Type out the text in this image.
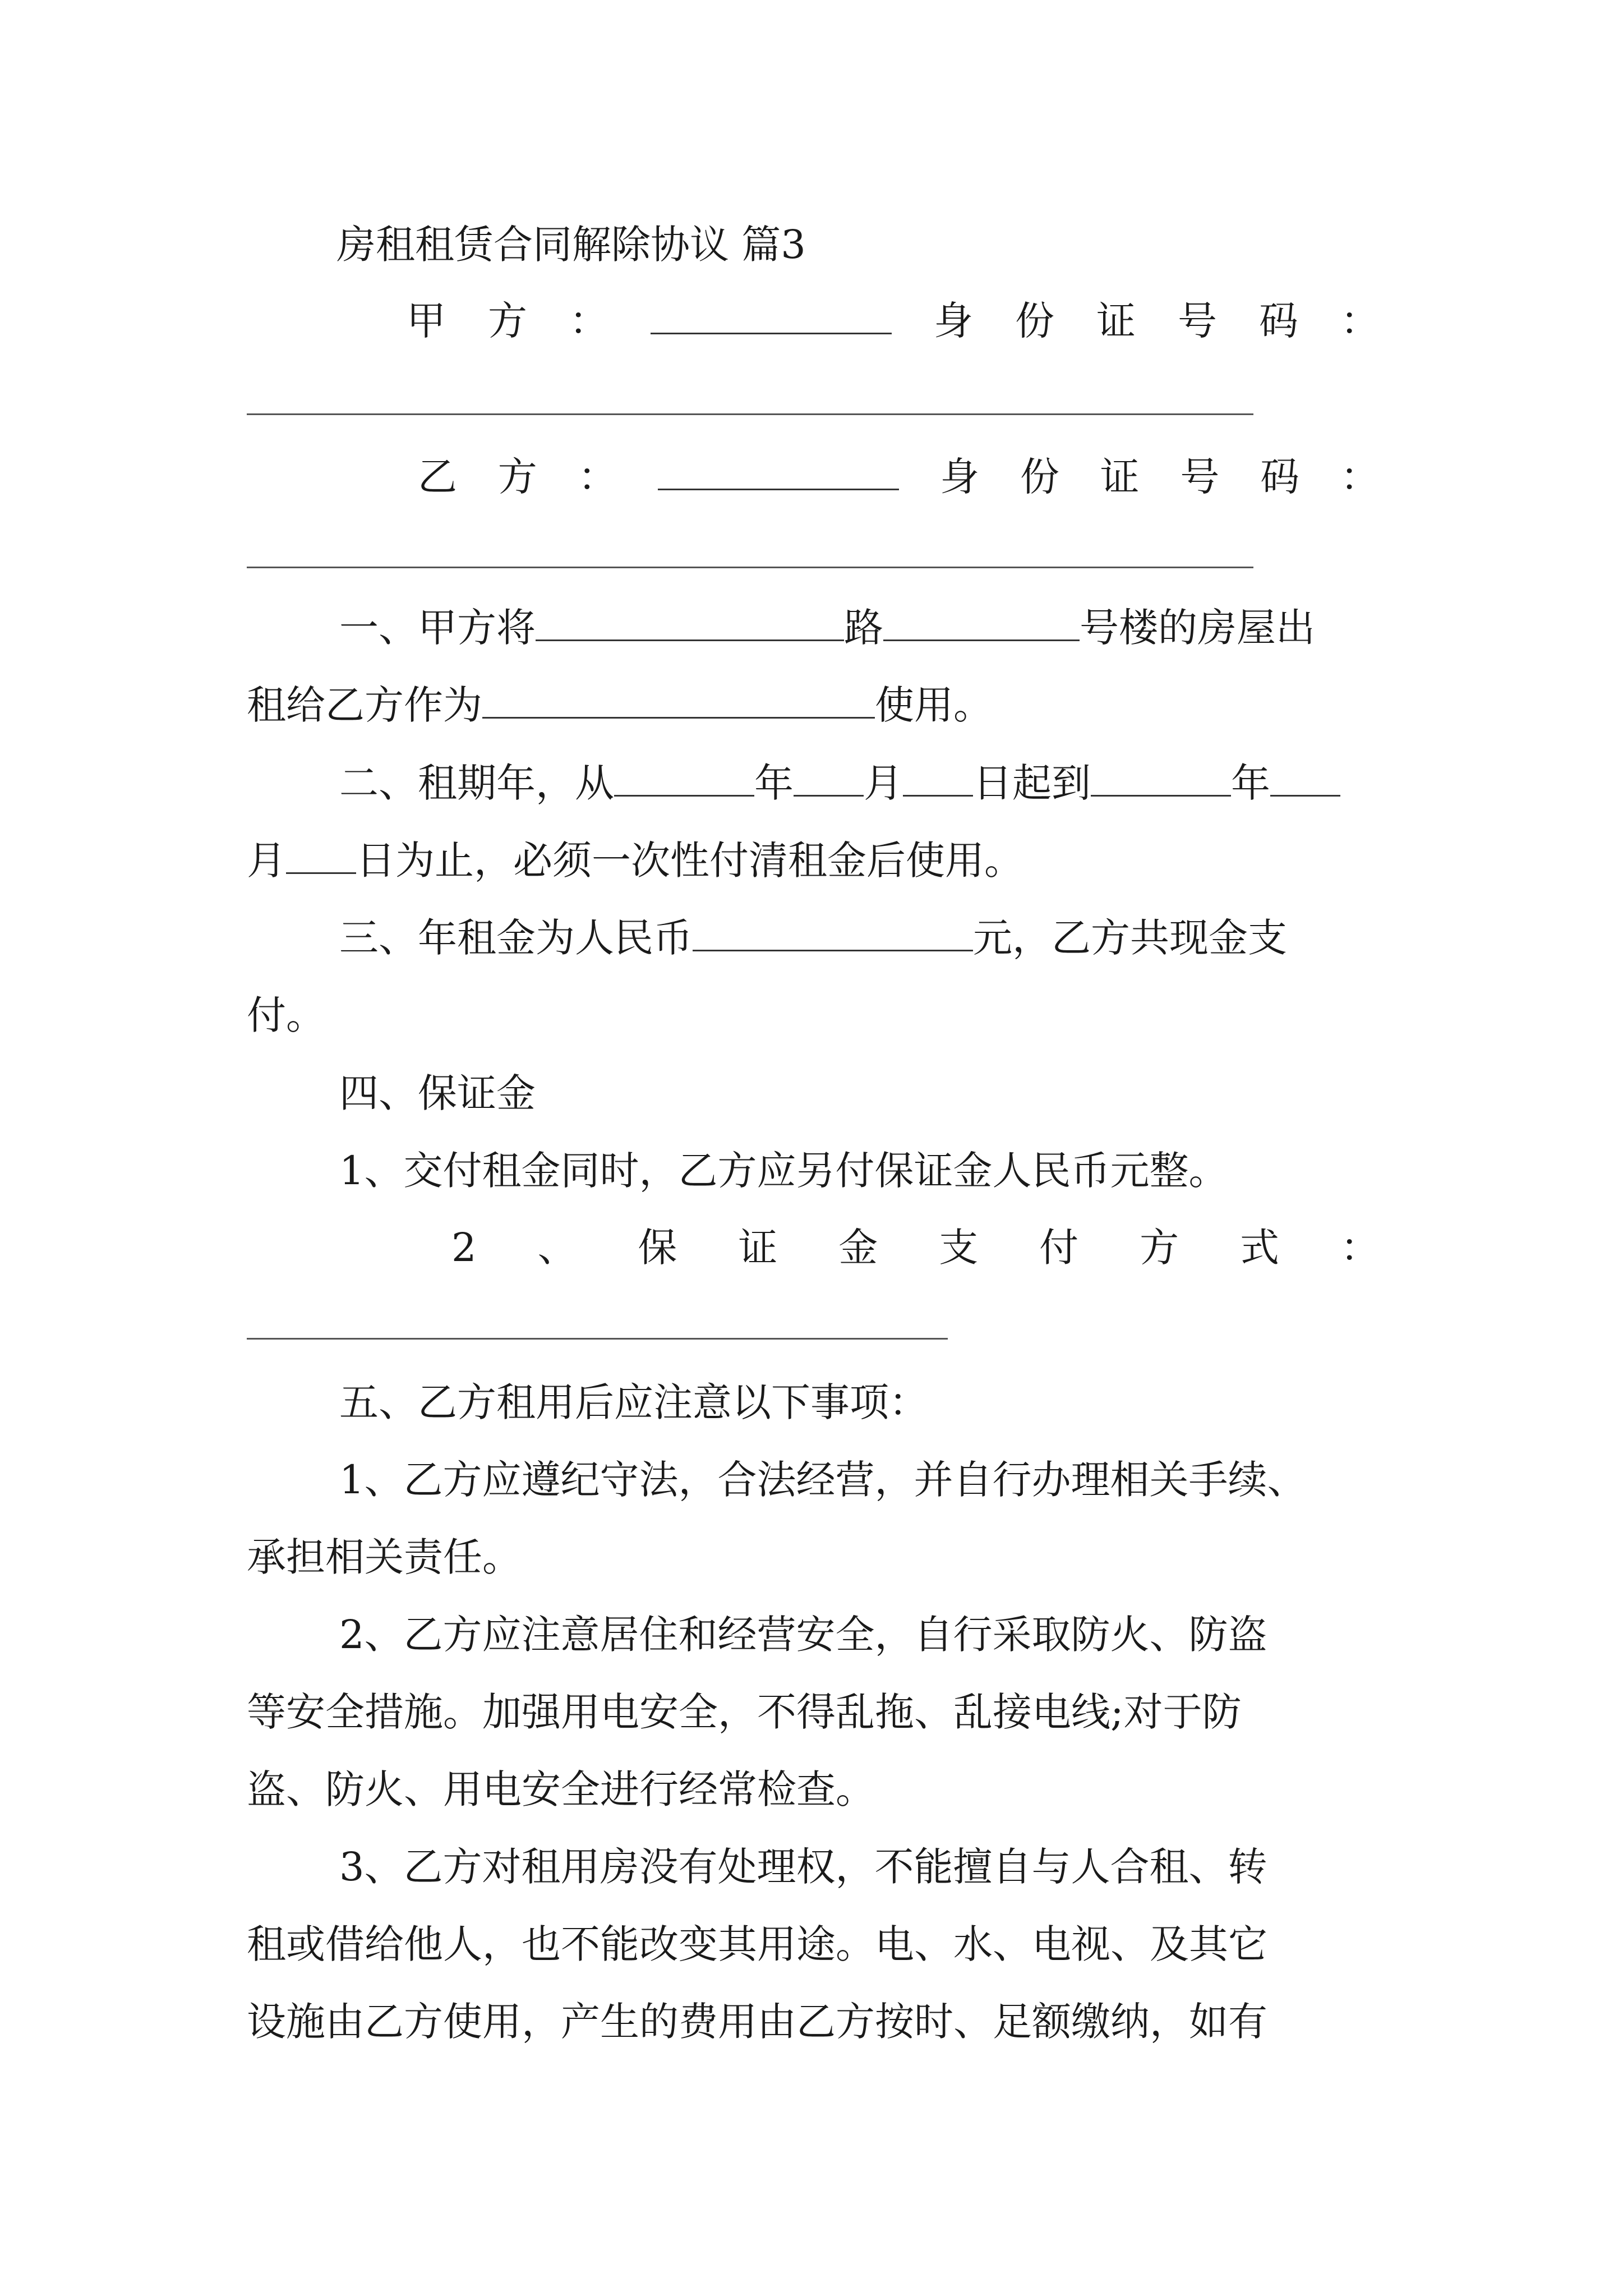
房租租赁合同解除协议 篇3
甲 方 ：	身 份 证 号 码 ：
乙 方 ：	身 份 证 号 码 ：
一、甲方将	路	号楼的房屋出
租给乙方作为	使用。
二、租期年，从	年 月 日起到	年
月 日为止，必须一次性付清租金后使用。
三、年租金为人民币	元，乙方共现金支
付。
四、保证金
1、交付租金同时，乙方应另付保证金人民币元整。
2 、 保 证 金 支 付 方 式 ：
五、乙方租用后应注意以下事项：
1、乙方应遵纪守法，合法经营，并自行办理相关手续、
承担相关责任。
2、乙方应注意居住和经营安全，自行采取防火、防盗
等安全措施。加强用电安全，不得乱拖、乱接电线;对于防
盗、防火、用电安全进行经常检查。
3、乙方对租用房没有处理权，不能擅自与人合租、转
租或借给他人，也不能改变其用途。电、水、电视、及其它
设施由乙方使用，产生的费用由乙方按时、足额缴纳，如有
